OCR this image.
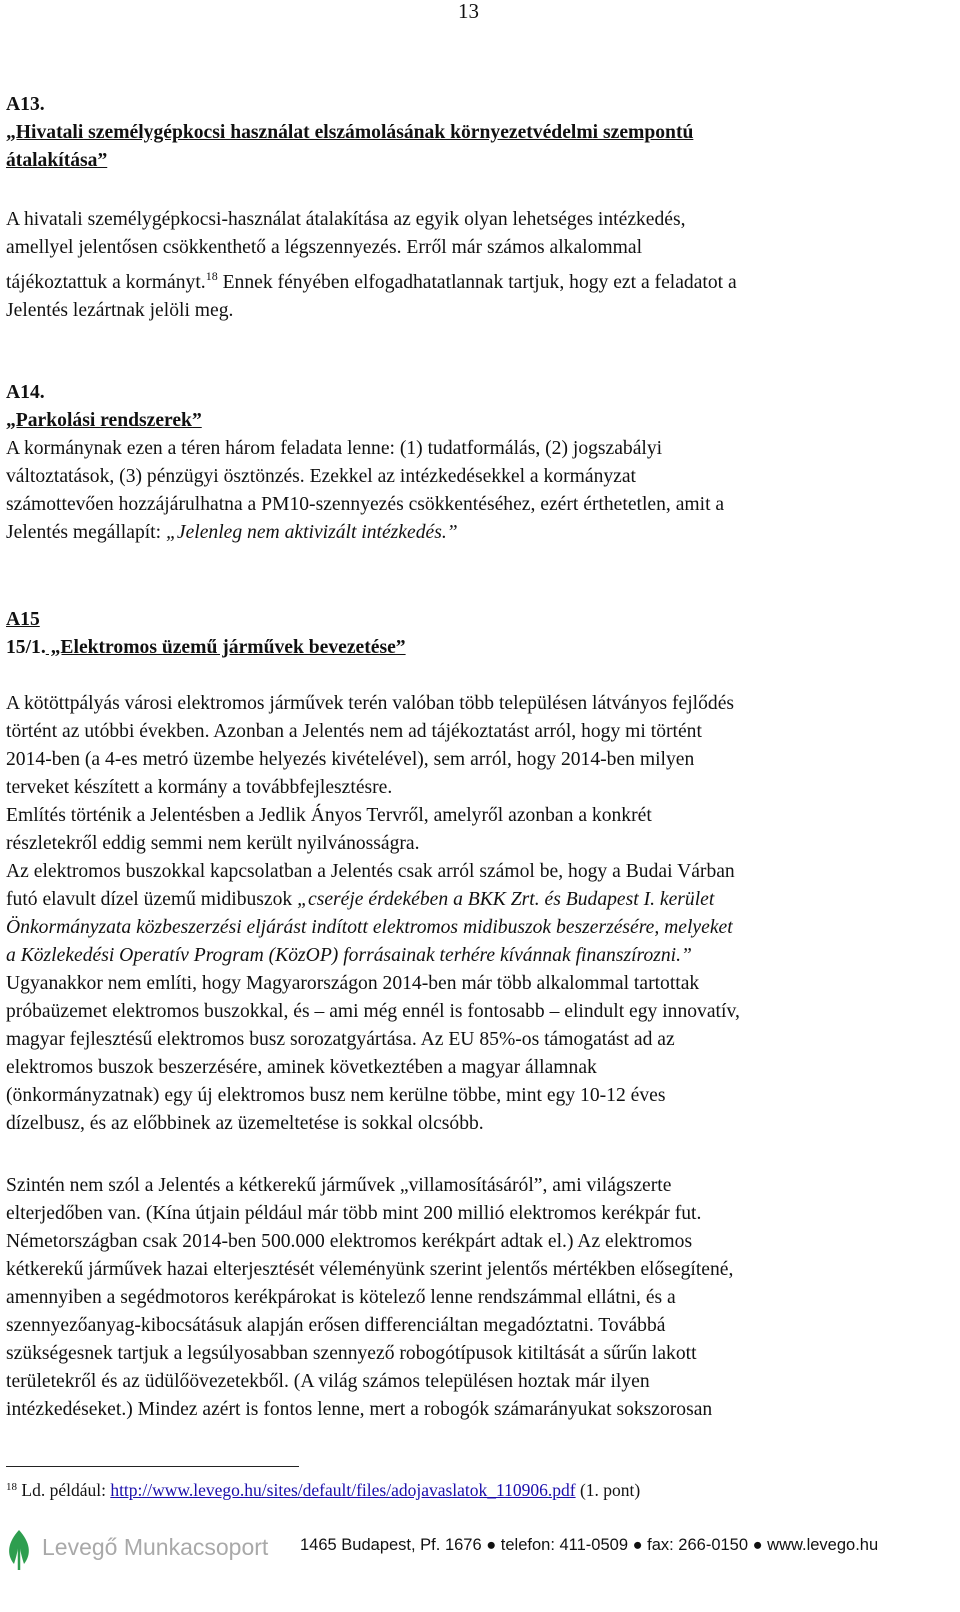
13
A13.
„Hivatali személygépkocsi használat elszámolásának környezetvédelmi szempontú
átalakítása”
A hivatali személygépkocsi-használat átalakítása az egyik olyan lehetséges intézkedés,
amellyel jelentősen csökkenthető a légszennyezés. Erről már számos alkalommal
tájékoztattuk a kormányt.$^{18}$ Ennek fényében elfogadhatatlannak tartjuk, hogy ezt a feladatot a
Jelentés lezártnak jelöli meg.
A14.
„Parkolási rendszerek”
A kormánynak ezen a téren három feladata lenne: (1) tudatformálás, (2) jogszabályi
változtatások, (3) pénzügyi ösztönzés. Ezekkel az intézkedésekkel a kormányzat
számottevően hozzájárulhatna a PM10-szennyezés csökkentéséhez, ezért érthetetlen, amit a
Jelentés megállapít: „Jelenleg nem aktivizált intézkedés.”
A15
15/1. „Elektromos üzemű járművek bevezetése”
A kötöttpályás városi elektromos járművek terén valóban több településen látványos fejlődés
történt az utóbbi években. Azonban a Jelentés nem ad tájékoztatást arról, hogy mi történt
2014-ben (a 4-es metró üzembe helyezés kivételével), sem arról, hogy 2014-ben milyen
terveket készített a kormány a továbbfejlesztésre.
Említés történik a Jelentésben a Jedlik Ányos Tervről, amelyről azonban a konkrét
részletekről eddig semmi nem került nyilvánosságra.
Az elektromos buszokkal kapcsolatban a Jelentés csak arról számol be, hogy a Budai Várban
futó elavult dízel üzemű midibuszok „cseréje érdekében a BKK Zrt. és Budapest I. kerület
Önkormányzata közbeszerzési eljárást indított elektromos midibuszok beszerzésére, melyeket
a Közlekedési Operatív Program (KözOP) forrásainak terhére kívánnak finanszírozni.”
Ugyanakkor nem említi, hogy Magyarországon 2014-ben már több alkalommal tartottak
próbaüzemet elektromos buszokkal, és – ami még ennél is fontosabb – elindult egy innovatív,
magyar fejlesztésű elektromos busz sorozatgyártása. Az EU 85%-os támogatást ad az
elektromos buszok beszerzésére, aminek következtében a magyar államnak
(önkormányzatnak) egy új elektromos busz nem kerülne többe, mint egy 10-12 éves
dízelbusz, és az előbbinek az üzemeltetése is sokkal olcsóbb.
Szintén nem szól a Jelentés a kétkerekű járművek „villamosításáról”, ami világszerte
elterjedőben van. (Kína útjain például már több mint 200 millió elektromos kerékpár fut.
Németországban csak 2014-ben 500.000 elektromos kerékpárt adtak el.) Az elektromos
kétkerekű járművek hazai elterjesztését véleményünk szerint jelentős mértékben elősegítené,
amennyiben a segédmotoros kerékpárokat is kötelező lenne rendszámmal ellátni, és a
szennyezőanyag-kibocsátásuk alapján erősen differenciáltan megadóztatni. Továbbá
szükségesnek tartjuk a legsúlyosabban szennyező robogótípusok kitiltását a sűrűn lakott
területekről és az üdülőövezetekből. (A világ számos településen hoztak már ilyen
intézkedéseket.) Mindez azért is fontos lenne, mert a robogók számarányukat sokszorosan
$^{18}$ Ld. például: http://www.levego.hu/sites/default/files/adojavaslatok_110906.pdf (1. pont)
Levegő Munkacsoport 1465 Budapest, Pf. 1676 ● telefon: 411-0509 ● fax: 266-0150 ● www.levego.hu
